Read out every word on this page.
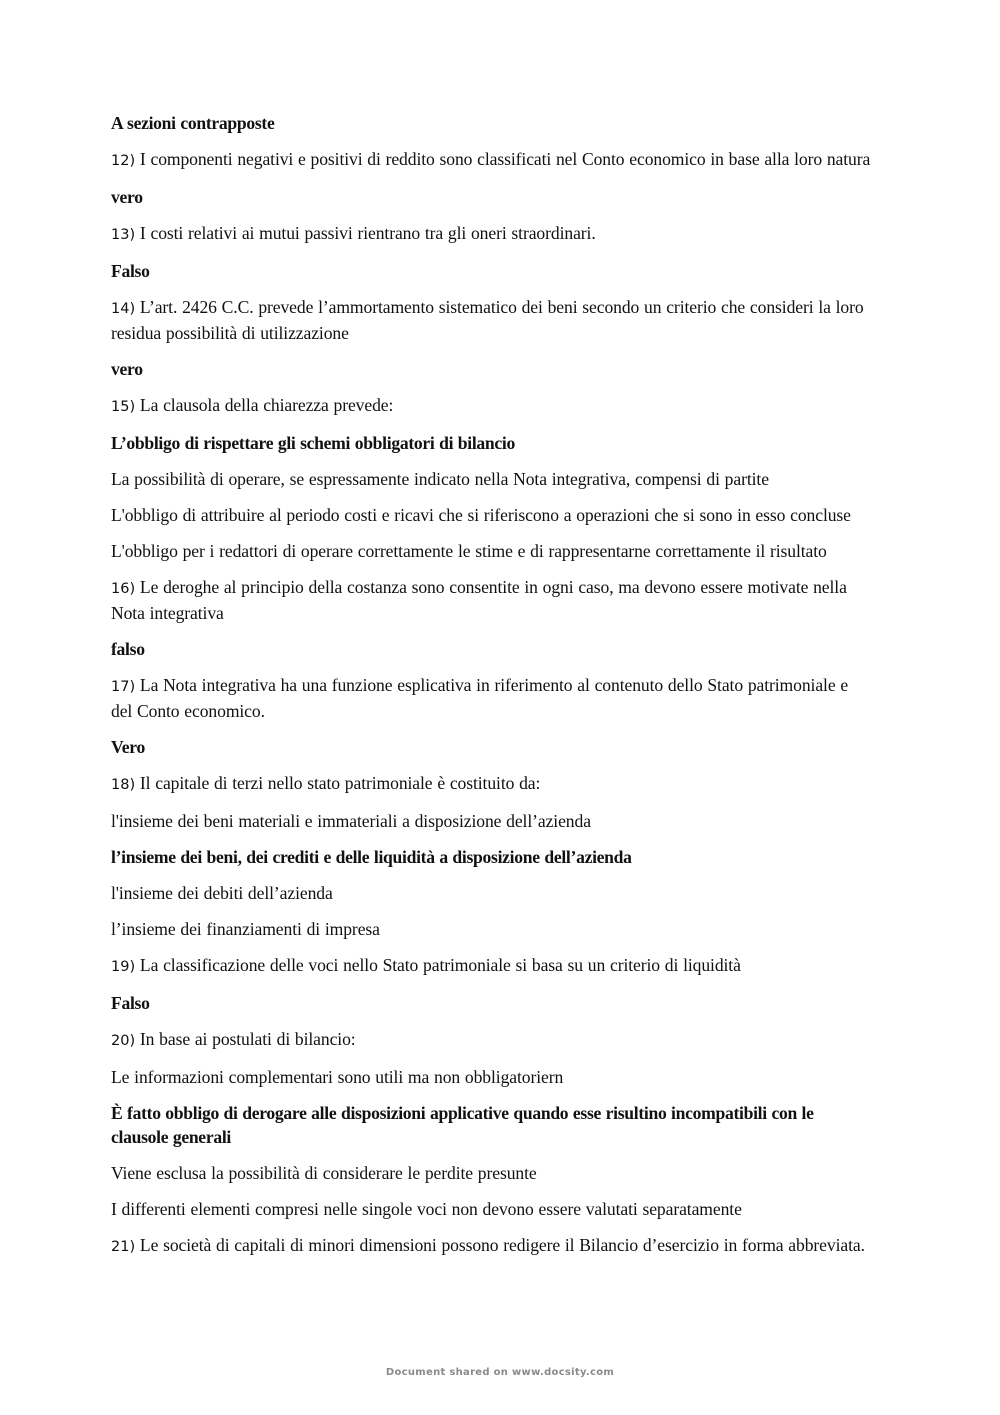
A sezioni contrapposte

12) I componenti negativi e positivi di reddito sono classificati nel Conto economico in base alla loro natura

vero

13) I costi relativi ai mutui passivi rientrano tra gli oneri straordinari.

Falso

14) L’art. 2426 C.C. prevede l’ammortamento sistematico dei beni secondo un criterio che consideri la loro residua possibilità di utilizzazione

vero

15) La clausola della chiarezza prevede:

L’obbligo di rispettare gli schemi obbligatori di bilancio

La possibilità di operare, se espressamente indicato nella Nota integrativa, compensi di partite

L'obbligo di attribuire al periodo costi e ricavi che si riferiscono a operazioni che si sono in esso concluse

L'obbligo per i redattori di operare correttamente le stime e di rappresentarne correttamente il risultato

16) Le deroghe al principio della costanza sono consentite in ogni caso, ma devono essere motivate nella Nota integrativa

falso

17) La Nota integrativa ha una funzione esplicativa in riferimento al contenuto dello Stato patrimoniale e del Conto economico.

Vero

18) Il capitale di terzi nello stato patrimoniale è costituito da:

l'insieme dei beni materiali e immateriali a disposizione dell’azienda

l’insieme dei beni, dei crediti e delle liquidità a disposizione dell’azienda

l'insieme dei debiti dell’azienda

l’insieme dei finanziamenti di impresa

19) La classificazione delle voci nello Stato patrimoniale si basa su un criterio di liquidità

Falso

20) In base ai postulati di bilancio:

Le informazioni complementari sono utili ma non obbligatoriern

È fatto obbligo di derogare alle disposizioni applicative quando esse risultino incompatibili con le clausole generali

Viene esclusa la possibilità di considerare le perdite presunte

I differenti elementi compresi nelle singole voci non devono essere valutati separatamente

21) Le società di capitali di minori dimensioni possono redigere il Bilancio d’esercizio in forma abbreviata.

Document shared on www.docsity.com
